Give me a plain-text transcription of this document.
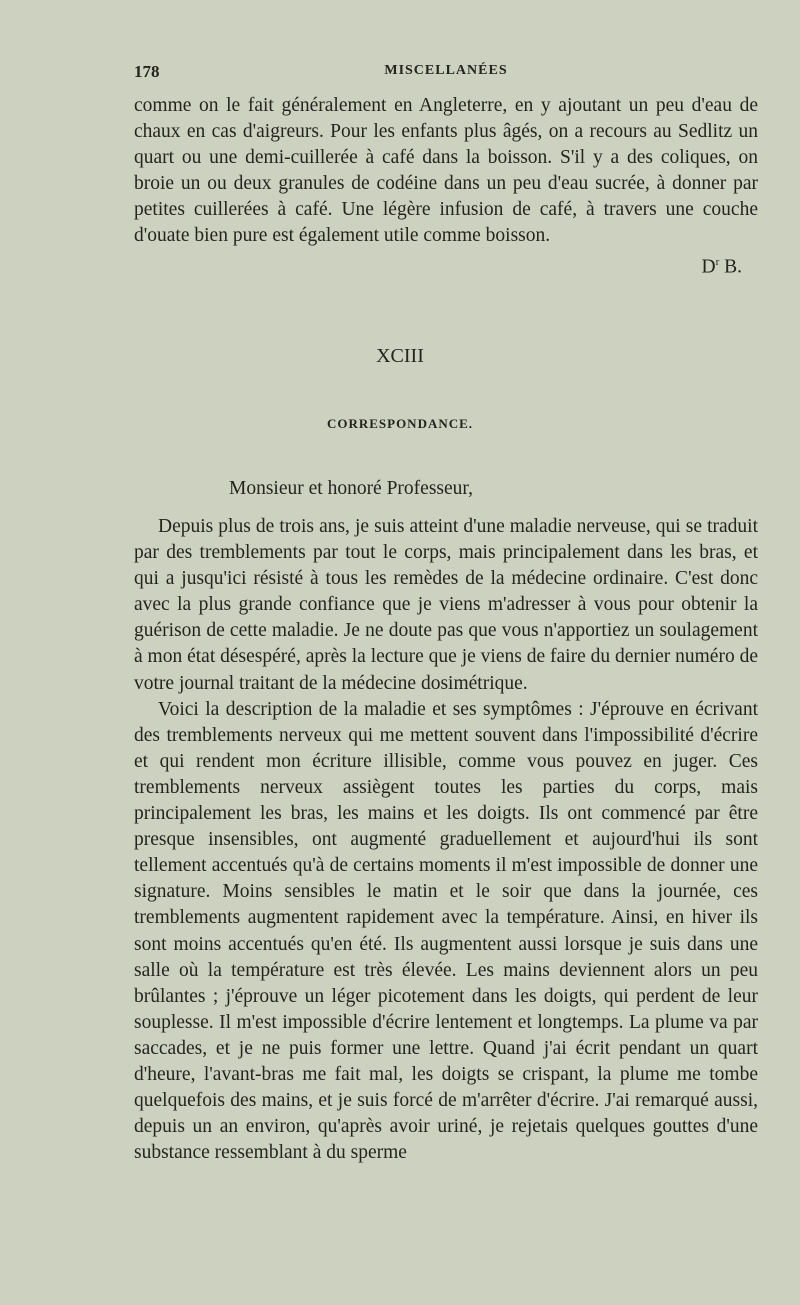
178	MISCELLANÉES

comme on le fait généralement en Angleterre, en y ajoutant un peu d'eau de chaux en cas d'aigreurs. Pour les enfants plus âgés, on a recours au Sedlitz un quart ou une demi-cuillerée à café dans la boisson. S'il y a des coliques, on broie un ou deux granules de codéine dans un peu d'eau sucrée, à donner par petites cuillerées à café. Une légère infusion de café, à travers une couche d'ouate bien pure est également utile comme boisson.

$D^r$ B.
XCIII
CORRESPONDANCE.
Monsieur et honoré Professeur,

Depuis plus de trois ans, je suis atteint d'une maladie nerveuse, qui se traduit par des tremblements par tout le corps, mais principalement dans les bras, et qui a jusqu'ici résisté à tous les remèdes de la médecine ordinaire. C'est donc avec la plus grande confiance que je viens m'adresser à vous pour obtenir la guérison de cette maladie. Je ne doute pas que vous n'apportiez un soulagement à mon état désespéré, après la lecture que je viens de faire du dernier numéro de votre journal traitant de la médecine dosimétrique.

Voici la description de la maladie et ses symptômes : J'éprouve en écrivant des tremblements nerveux qui me mettent souvent dans l'impossibilité d'écrire et qui rendent mon écriture illisible, comme vous pouvez en juger. Ces tremblements nerveux assiègent toutes les parties du corps, mais principalement les bras, les mains et les doigts. Ils ont commencé par être presque insensibles, ont augmenté graduellement et aujourd'hui ils sont tellement accentués qu'à de certains moments il m'est impossible de donner une signature. Moins sensibles le matin et le soir que dans la journée, ces tremblements augmentent rapidement avec la température. Ainsi, en hiver ils sont moins accentués qu'en été. Ils augmentent aussi lorsque je suis dans une salle où la température est très élevée. Les mains deviennent alors un peu brûlantes ; j'éprouve un léger picotement dans les doigts, qui perdent de leur souplesse. Il m'est impossible d'écrire lentement et longtemps. La plume va par saccades, et je ne puis former une lettre. Quand j'ai écrit pendant un quart d'heure, l'avant-bras me fait mal, les doigts se crispant, la plume me tombe quelquefois des mains, et je suis forcé de m'arrêter d'écrire. J'ai remarqué aussi, depuis un an environ, qu'après avoir uriné, je rejetais quelques gouttes d'une substance ressemblant à du sperme
